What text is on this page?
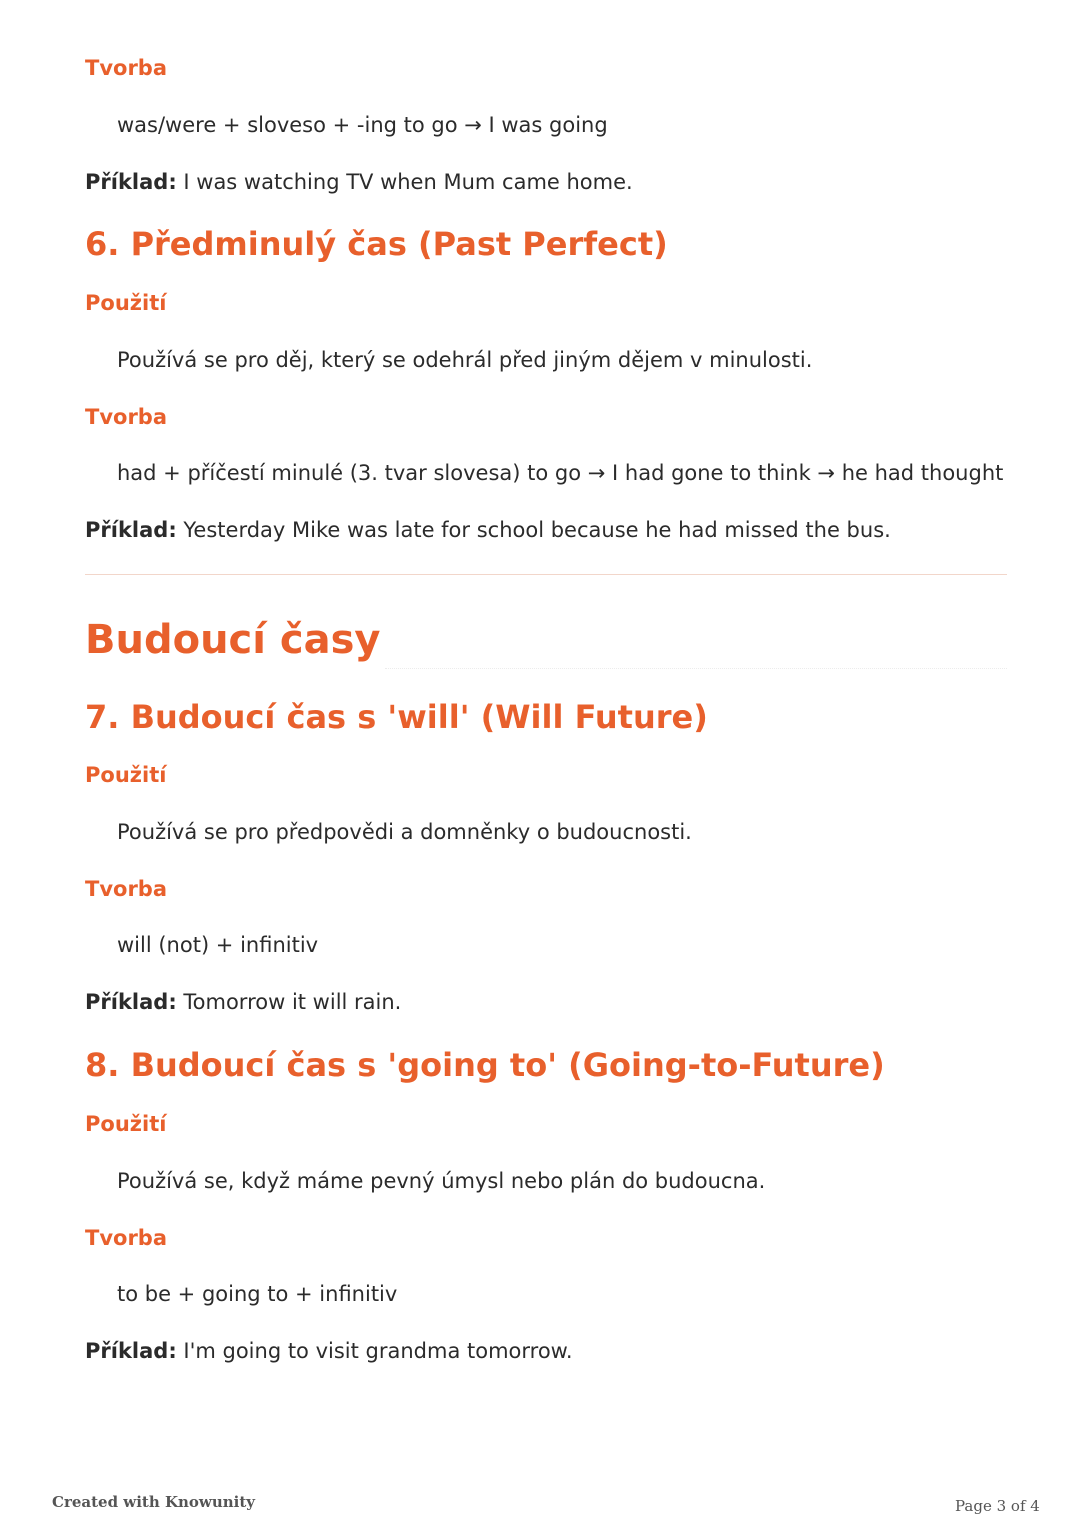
Tvorba
was/were + sloveso + -ing to go → I was going
Příklad: I was watching TV when Mum came home.
6. Předminulý čas (Past Perfect)
Použití
Používá se pro děj, který se odehrál před jiným dějem v minulosti.
Tvorba
had + příčestí minulé (3. tvar slovesa) to go → I had gone to think → he had thought
Příklad: Yesterday Mike was late for school because he had missed the bus.
Budoucí časy
7. Budoucí čas s 'will' (Will Future)
Použití
Používá se pro předpovědi a domněnky o budoucnosti.
Tvorba
will (not) + infinitiv
Příklad: Tomorrow it will rain.
8. Budoucí čas s 'going to' (Going-to-Future)
Použití
Používá se, když máme pevný úmysl nebo plán do budoucna.
Tvorba
to be + going to + infinitiv
Příklad: I'm going to visit grandma tomorrow.
Created with Knowunity	Page 3 of 4
